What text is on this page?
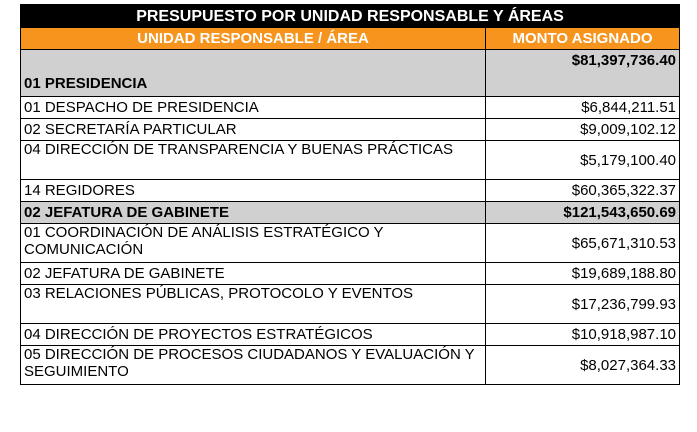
PRESUPUESTO POR UNIDAD RESPONSABLE Y ÁREAS	
UNIDAD RESPONSABLE / ÁREA	MONTO ASIGNADO
01 PRESIDENCIA	$81,397,736.40
01 DESPACHO DE PRESIDENCIA	$6,844,211.51
02 SECRETARÍA PARTICULAR	$9,009,102.12
04 DIRECCIÓN DE TRANSPARENCIA Y BUENAS PRÁCTICAS	$5,179,100.40
14 REGIDORES	$60,365,322.37
02 JEFATURA DE GABINETE	$121,543,650.69
01 COORDINACIÓN DE ANÁLISIS ESTRATÉGICO Y COMUNICACIÓN	$65,671,310.53
02 JEFATURA DE GABINETE	$19,689,188.80
03 RELACIONES PÚBLICAS, PROTOCOLO Y EVENTOS	$17,236,799.93
04 DIRECCIÓN DE PROYECTOS ESTRATÉGICOS	$10,918,987.10
05 DIRECCIÓN DE PROCESOS CIUDADANOS Y EVALUACIÓN Y SEGUIMIENTO	$8,027,364.33
